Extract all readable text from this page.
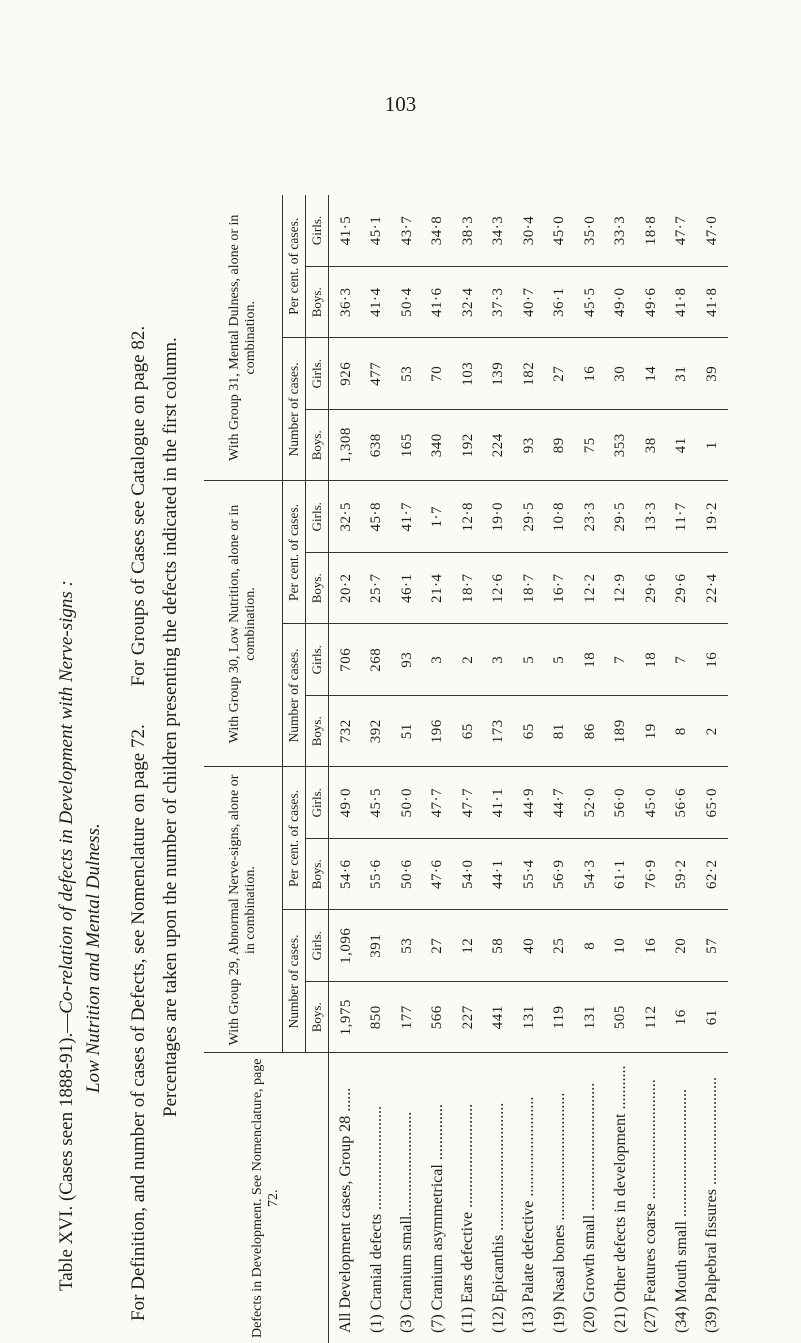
103
Table XVI. (Cases seen 1888-91).—Co-relation of defects in Development with Nerve-signs : Low Nutrition and Mental Dulness. For Definition, and number of cases of Defects, see Nomenclature on page 72.For Groups of Cases see Catalogue on page 82. Percentages are taken upon the number of children presenting the defects indicated in the first column.
Defects in Development. See Nomenclature, page 72.	With Group 29, Abnormal Nerve-signs, alone or in combination.				With Group 30, Low Nutrition, alone or in combination.				With Group 31, Mental Dulness, alone or in combination.			
	Number of cases.		Per cent. of cases.		Number of cases.		Per cent. of cases.		Number of cases.		Per cent. of cases.	
	Boys.	Girls.	Boys.	Girls.	Boys.	Girls.	Boys.	Girls.	Boys.	Girls.	Boys.	Girls.
All Development cases, Group 28 ......	1,975	1,096	54·6	49·0	732	706	20·2	32·5	1,308	926	36·3	41·5
(1) Cranial defects ..........................	850	391	55·6	45·5	392	268	25·7	45·8	638	477	41·4	45·1
(3) Cranium small..........................	177	53	50·6	50·0	51	93	46·1	41·7	165	53	50·4	43·7
(7) Cranium asymmetrical ..............	566	27	47·6	47·7	196	3	21·4	1·7	340	70	41·6	34·8
(11) Ears defective ..........................	227	12	54·0	47·7	65	2	18·7	12·8	192	103	32·4	38·3
(12) Epicanthis ................................	441	58	44·1	41·1	173	3	12·6	19·0	224	139	37·3	34·3
(13) Palate defective .........................	131	40	55·4	44·9	65	5	18·7	29·5	93	182	40·7	30·4
(19) Nasal bones ................................	119	25	56·9	44·7	81	5	16·7	10·8	89	27	36·1	45·0
(20) Growth small ................................	131	8	54·3	52·0	86	18	12·2	23·3	75	16	45·5	35·0
(21) Other defects in development ...........	505	10	61·1	56·0	189	7	12·9	29·5	353	30	49·0	33·3
(27) Features coarse ..............................	112	16	76·9	45·0	19	18	29·6	13·3	38	14	49·6	18·8
(34) Mouth small ................................	16	20	59·2	56·6	8	7	29·6	11·7	41	31	41·8	47·7
(39) Palpebral fissures ...........................	61	57	62·2	65·0	2	16	22·4	19·2	1	39	41·8	47·0
